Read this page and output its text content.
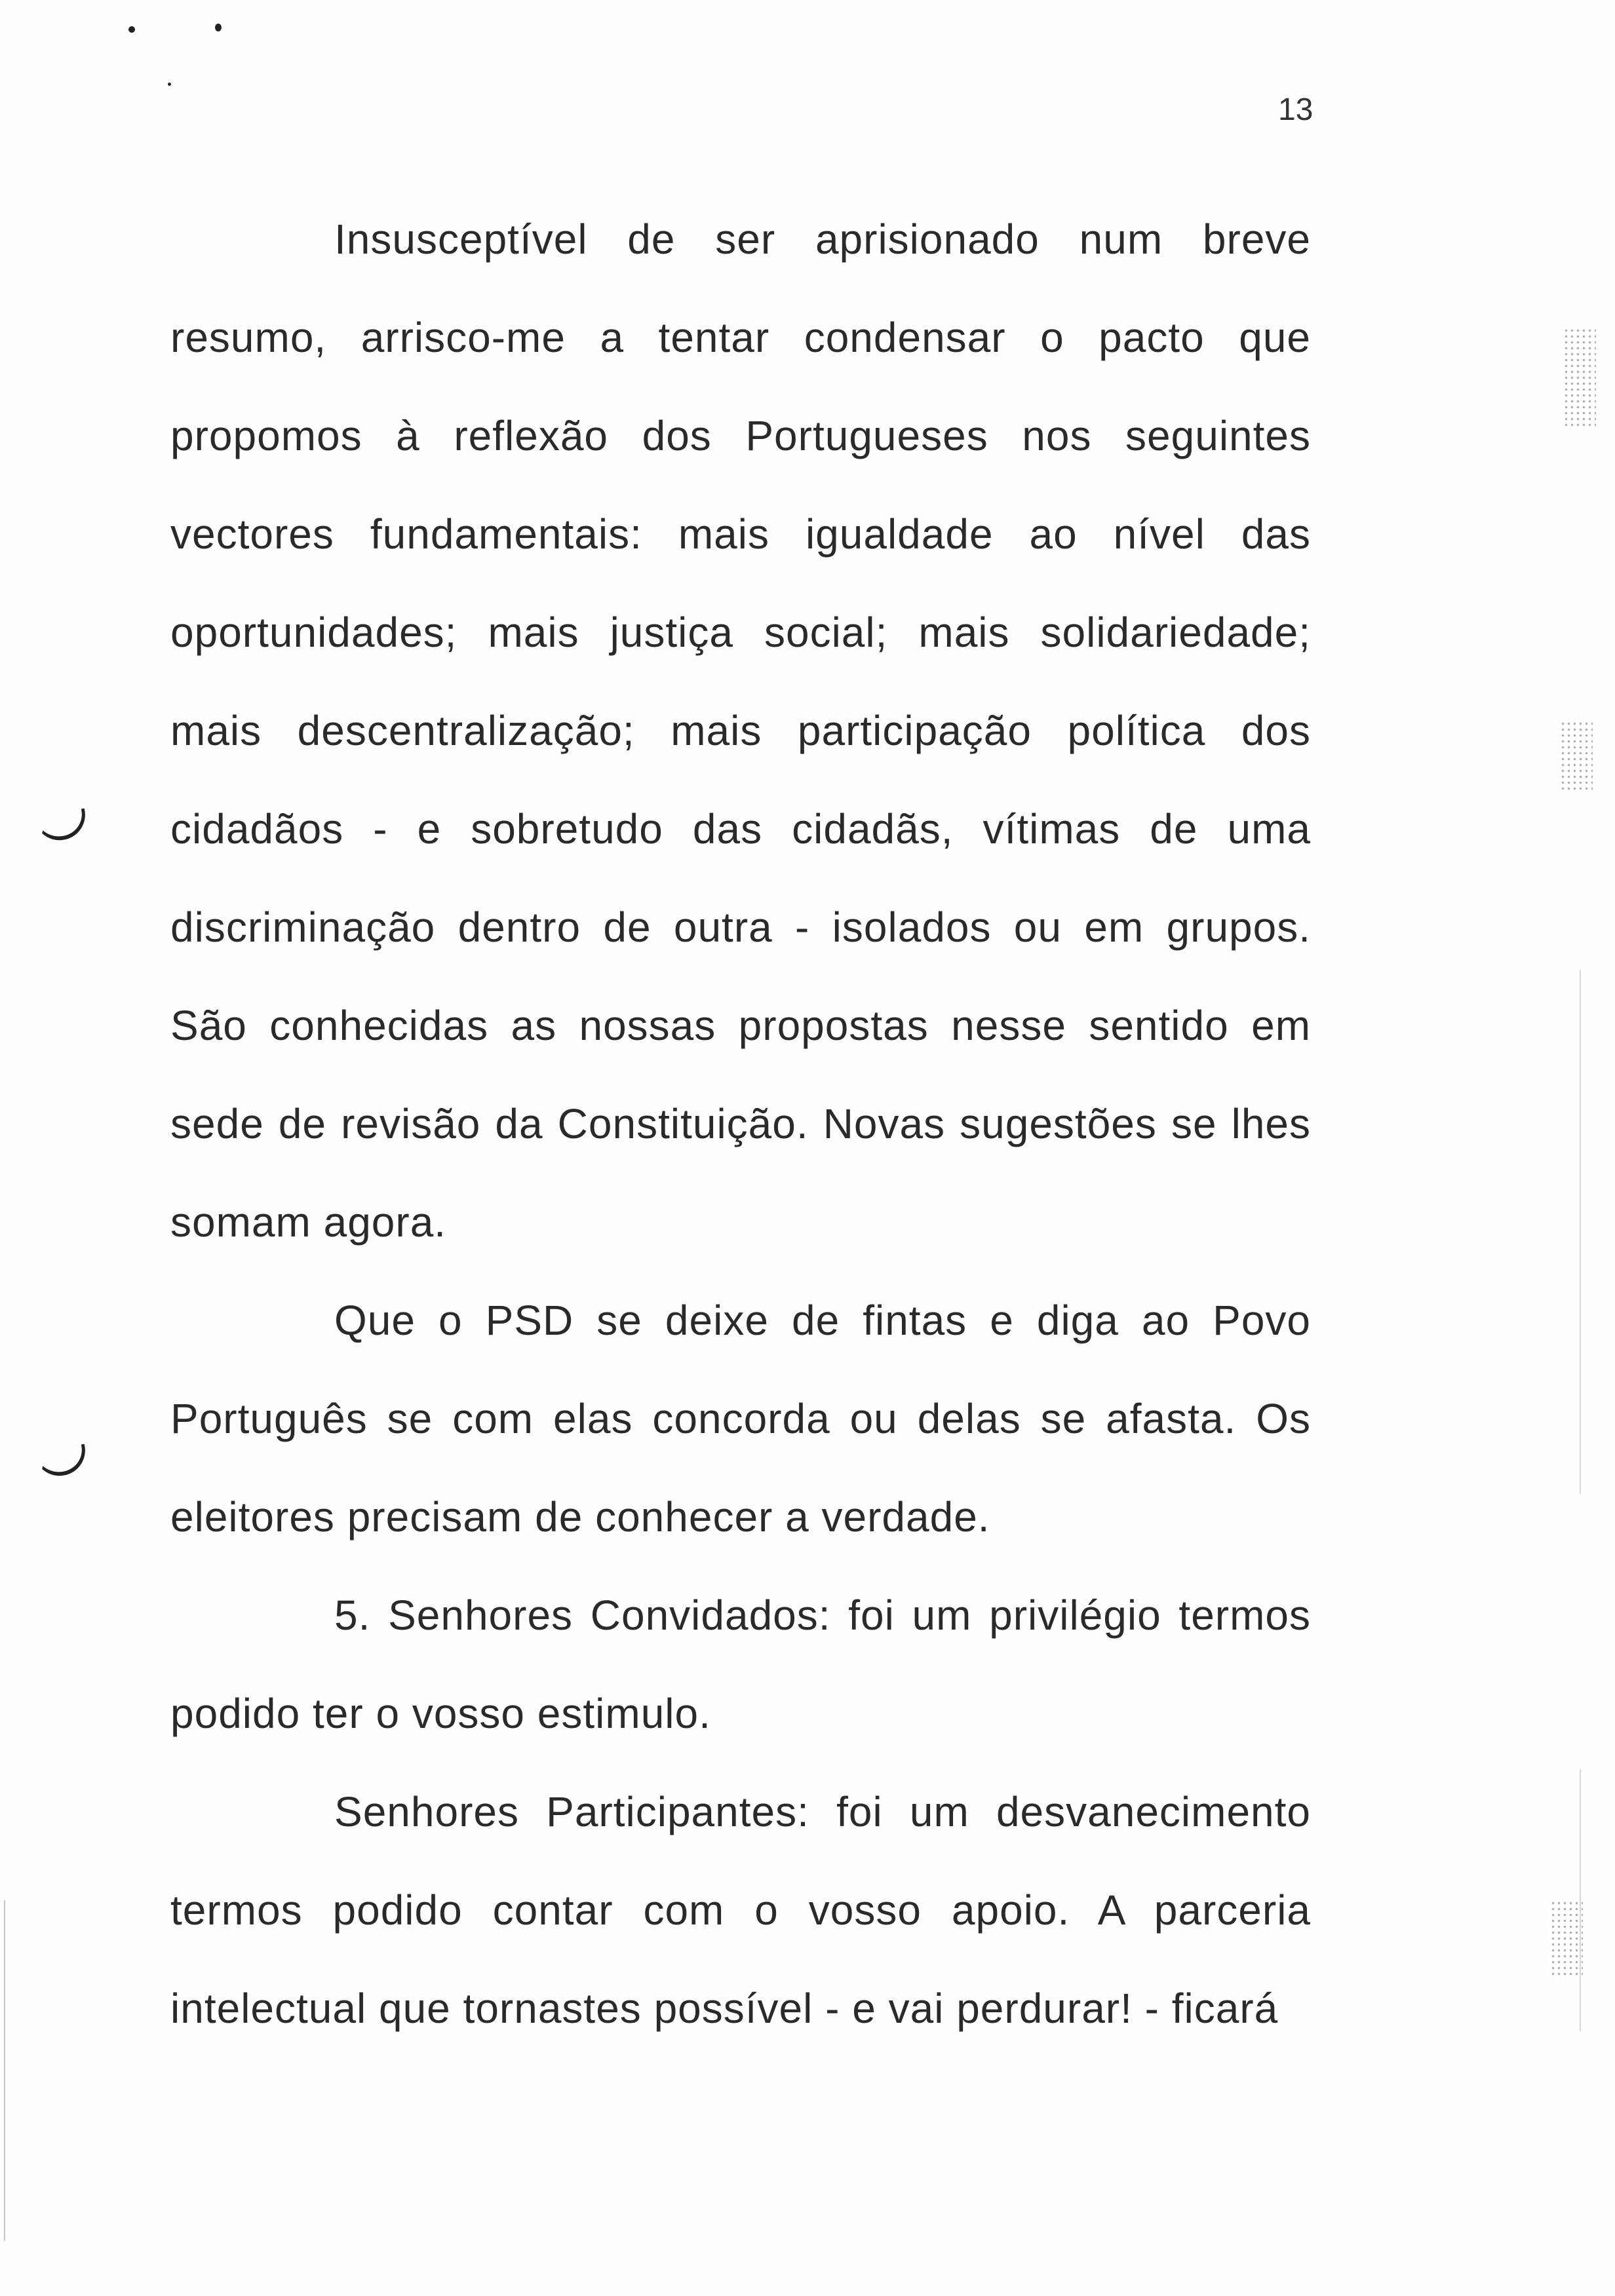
13

Insusceptível de ser aprisionado num breve resumo, arrisco-me a tentar condensar o pacto que propomos à reflexão dos Portugueses nos seguintes vectores fundamentais: mais igualdade ao nível das oportunidades; mais justiça social; mais solidariedade; mais descentralização; mais participação política dos cidadãos - e sobretudo das cidadãs, vítimas de uma discriminação dentro de outra - isolados ou em grupos. São conhecidas as nossas propostas nesse sentido em sede de revisão da Constituição. Novas sugestões se lhes somam agora.

Que o PSD se deixe de fintas e diga ao Povo Português se com elas concorda ou delas se afasta. Os eleitores precisam de conhecer a verdade.

5. Senhores Convidados: foi um privilégio termos podido ter o vosso estimulo.

Senhores Participantes: foi um desvanecimento termos podido contar com o vosso apoio. A parceria intelectual que tornastes possível - e vai perdurar! - ficará
